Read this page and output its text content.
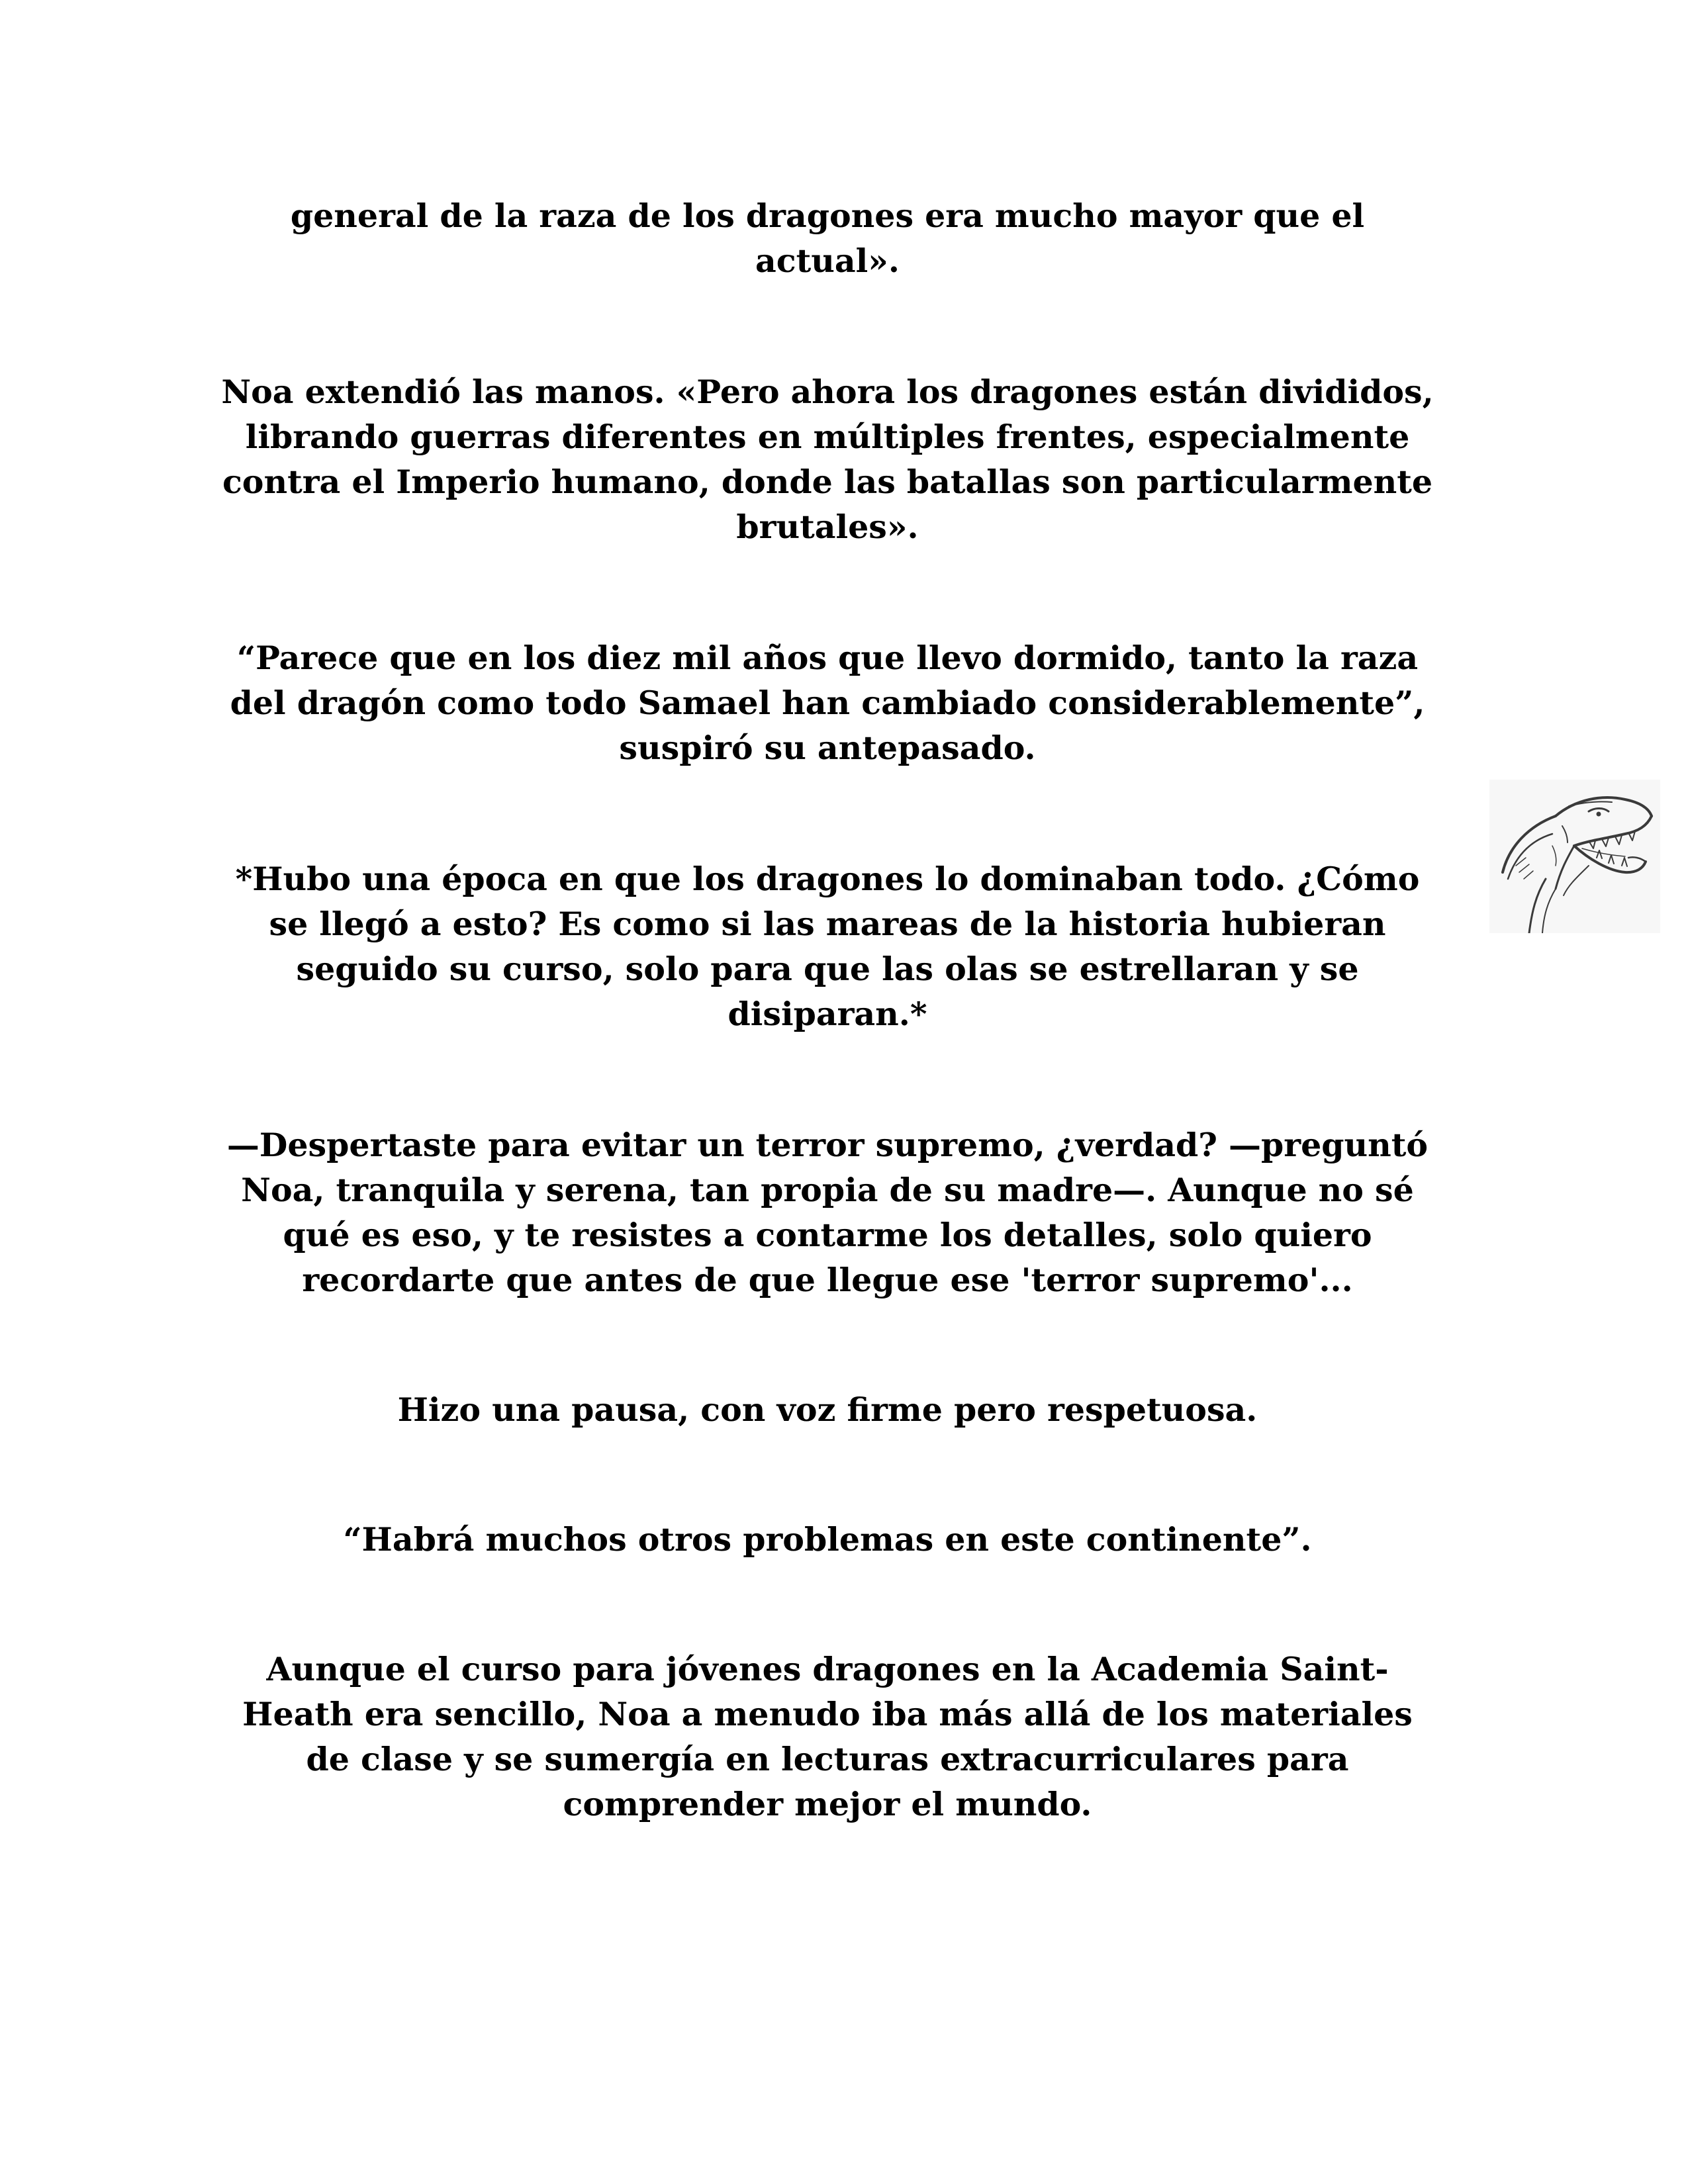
general de la raza de los dragones era mucho mayor que el actual».

Noa extendió las manos. «Pero ahora los dragones están divididos, librando guerras diferentes en múltiples frentes, especialmente contra el Imperio humano, donde las batallas son particularmente brutales».

“Parece que en los diez mil años que llevo dormido, tanto la raza del dragón como todo Samael han cambiado considerablemente”, suspiró su antepasado.

*Hubo una época en que los dragones lo dominaban todo. ¿Cómo se llegó a esto? Es como si las mareas de la historia hubieran seguido su curso, solo para que las olas se estrellaran y se disiparan.*

—Despertaste para evitar un terror supremo, ¿verdad? —preguntó Noa, tranquila y serena, tan propia de su madre—. Aunque no sé qué es eso, y te resistes a contarme los detalles, solo quiero recordarte que antes de que llegue ese 'terror supremo'...

Hizo una pausa, con voz firme pero respetuosa.

“Habrá muchos otros problemas en este continente”.

Aunque el curso para jóvenes dragones en la Academia Saint-Heath era sencillo, Noa a menudo iba más allá de los materiales de clase y se sumergía en lecturas extracurriculares para comprender mejor el mundo.
